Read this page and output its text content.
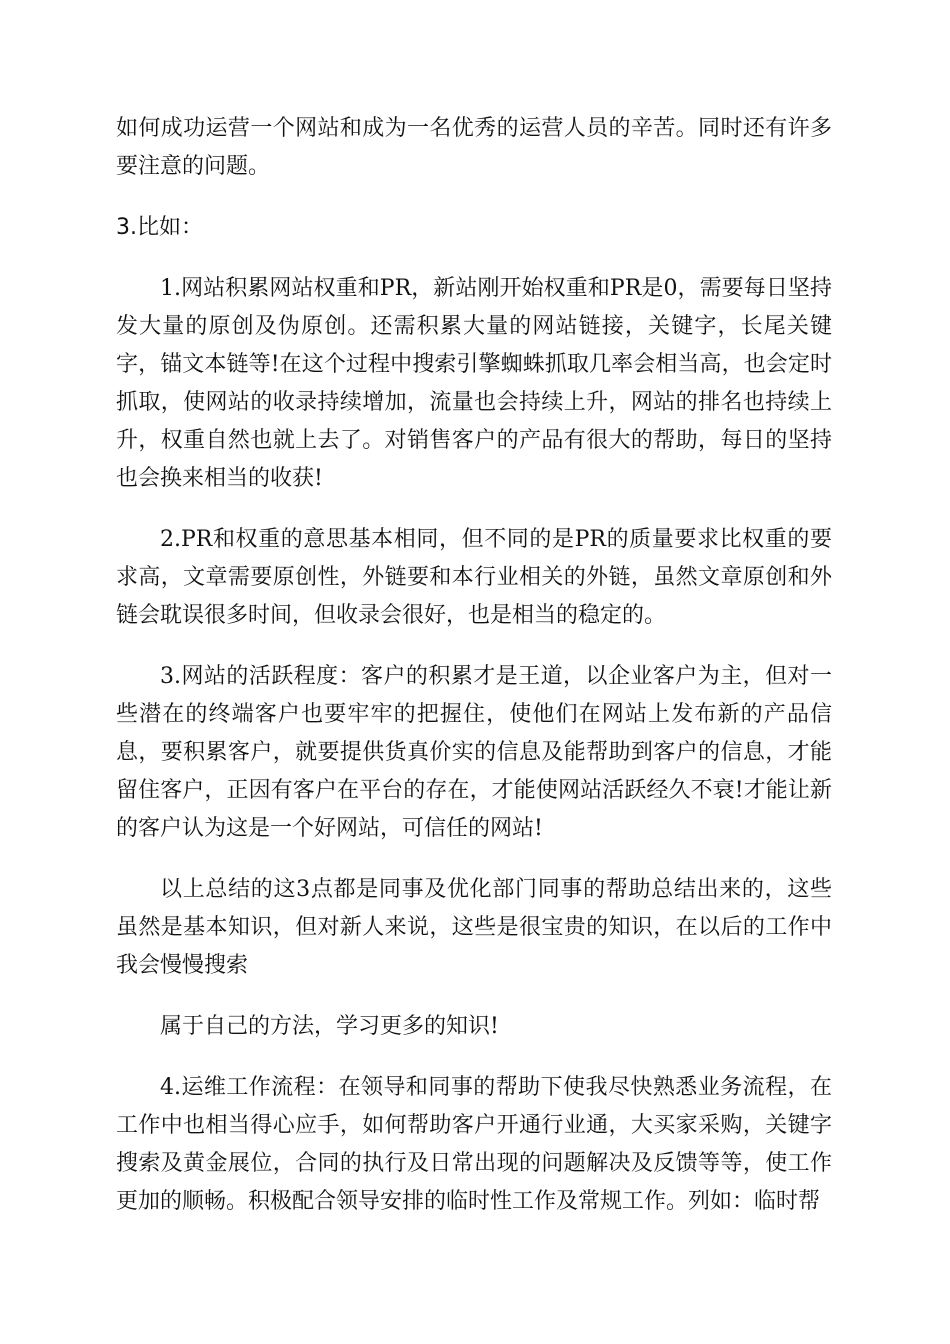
如何成功运营一个网站和成为一名优秀的运营人员的辛苦。同时还有许多要注意的问题。

3.比如：

1.网站积累网站权重和PR，新站刚开始权重和PR是0，需要每日坚持发大量的原创及伪原创。还需积累大量的网站链接，关键字，长尾关键字，锚文本链等!在这个过程中搜索引擎蜘蛛抓取几率会相当高，也会定时抓取，使网站的收录持续增加，流量也会持续上升，网站的排名也持续上升，权重自然也就上去了。对销售客户的产品有很大的帮助，每日的坚持也会换来相当的收获!

2.PR和权重的意思基本相同，但不同的是PR的质量要求比权重的要求高，文章需要原创性，外链要和本行业相关的外链，虽然文章原创和外链会耽误很多时间，但收录会很好，也是相当的稳定的。

3.网站的活跃程度：客户的积累才是王道，以企业客户为主，但对一些潜在的终端客户也要牢牢的把握住，使他们在网站上发布新的产品信息，要积累客户，就要提供货真价实的信息及能帮助到客户的信息，才能留住客户，正因有客户在平台的存在，才能使网站活跃经久不衰!才能让新的客户认为这是一个好网站，可信任的网站!

以上总结的这3点都是同事及优化部门同事的帮助总结出来的，这些虽然是基本知识，但对新人来说，这些是很宝贵的知识，在以后的工作中我会慢慢搜索

属于自己的方法，学习更多的知识!

4.运维工作流程：在领导和同事的帮助下使我尽快熟悉业务流程，在工作中也相当得心应手，如何帮助客户开通行业通，大买家采购，关键字搜索及黄金展位，合同的执行及日常出现的问题解决及反馈等等，使工作更加的顺畅。积极配合领导安排的临时性工作及常规工作。列如：临时帮
